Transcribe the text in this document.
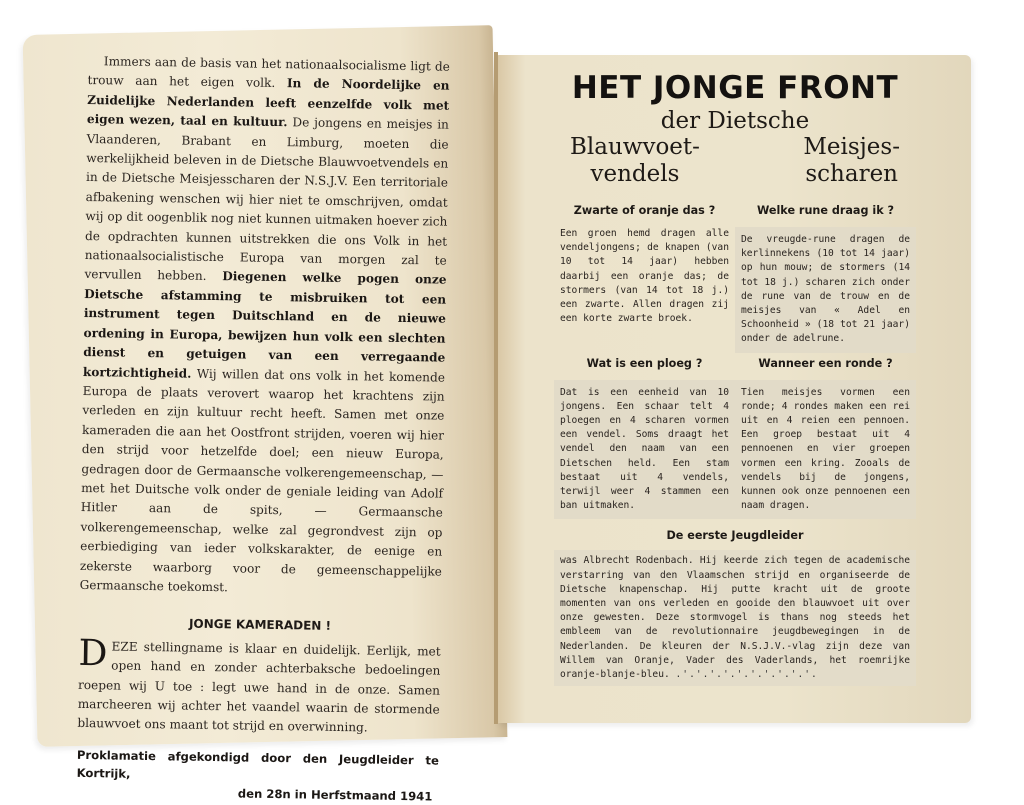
Immers aan de basis van het nationaalsocialisme ligt de trouw aan het eigen volk. In de Noordelijke en Zuidelijke Nederlanden leeft eenzelfde volk met eigen wezen, taal en kultuur. De jongens en meisjes in Vlaanderen, Brabant en Limburg, moeten die werkelijkheid beleven in de Dietsche Blauwvoetvendels en in de Dietsche Meisjesscharen der N.S.J.V. Een territoriale afbakening wenschen wij hier niet te omschrijven, omdat wij op dit oogenblik nog niet kunnen uitmaken hoever zich de opdrachten kunnen uitstrekken die ons Volk in het nationaalsocialistische Europa van morgen zal te vervullen hebben. Diegenen welke pogen onze Dietsche afstamming te misbruiken tot een instrument tegen Duitschland en de nieuwe ordening in Europa, bewijzen hun volk een slechten dienst en getuigen van een verregaande kortzichtigheid. Wij willen dat ons volk in het komende Europa de plaats verovert waarop het krachtens zijn verleden en zijn kultuur recht heeft. Samen met onze kameraden die aan het Oostfront strijden, voeren wij hier den strijd voor hetzelfde doel; een nieuw Europa, gedragen door de Germaansche volkerengemeenschap, — met het Duitsche volk onder de geniale leiding van Adolf Hitler aan de spits, — Germaansche volkerengemeenschap, welke zal gegrondvest zijn op eerbiediging van ieder volkskarakter, de eenige en zekerste waarborg voor de gemeenschappelijke Germaansche toekomst.

JONGE KAMERADEN !

DEZE stellingname is klaar en duidelijk. Eerlijk, met open hand en zonder achterbaksche bedoelingen roepen wij U toe : legt uwe hand in de onze. Samen marcheeren wij achter het vaandel waarin de stormende blauwvoet ons maant tot strijd en overwinning.

Proklamatie afgekondigd door den Jeugdleider te Kortrijk,
den 28n in Herfstmaand 1941
HET JONGE FRONT
der Dietsche
Blauwvoet-
vendels
Meisjes-
scharen
Zwarte of oranje das ?
Een groen hemd dragen alle vendeljongens; de knapen (van 10 tot 14 jaar) hebben daarbij een oranje das; de stormers (van 14 tot 18 j.) een zwarte. Allen dragen zij een korte zwarte broek.
Welke rune draag ik ?
De vreugde-rune dragen de kerlinnekens (10 tot 14 jaar) op hun mouw; de stormers (14 tot 18 j.) scharen zich onder de rune van de trouw en de meisjes van « Adel en Schoonheid » (18 tot 21 jaar) onder de adelrune.
Wat is een ploeg ?
Dat is een eenheid van 10 jongens. Een schaar telt 4 ploegen en 4 scharen vormen een vendel. Soms draagt het vendel den naam van een Dietschen held. Een stam bestaat uit 4 vendels, terwijl weer 4 stammen een ban uitmaken.
Wanneer een ronde ?
Tien meisjes vormen een ronde; 4 rondes maken een rei uit en 4 reien een pennoen. Een groep bestaat uit 4 pennoenen en vier groepen vormen een kring. Zooals de vendels bij de jongens, kunnen ook onze pennoenen een naam dragen.
De eerste Jeugdleider
was Albrecht Rodenbach. Hij keerde zich tegen de academische verstarring van den Vlaamschen strijd en organiseerde de Dietsche knapenschap. Hij putte kracht uit de groote momenten van ons verleden en gooide den blauwvoet uit over onze gewesten. Deze stormvogel is thans nog steeds het embleem van de revolutionnaire jeugdbewegingen in de Nederlanden. De kleuren der N.S.J.V.-vlag zijn deze van Willem van Oranje, Vader des Vaderlands, het roemrijke oranje-blanje-bleu. .'.'.'.'.'.'.'.'.'.'.
